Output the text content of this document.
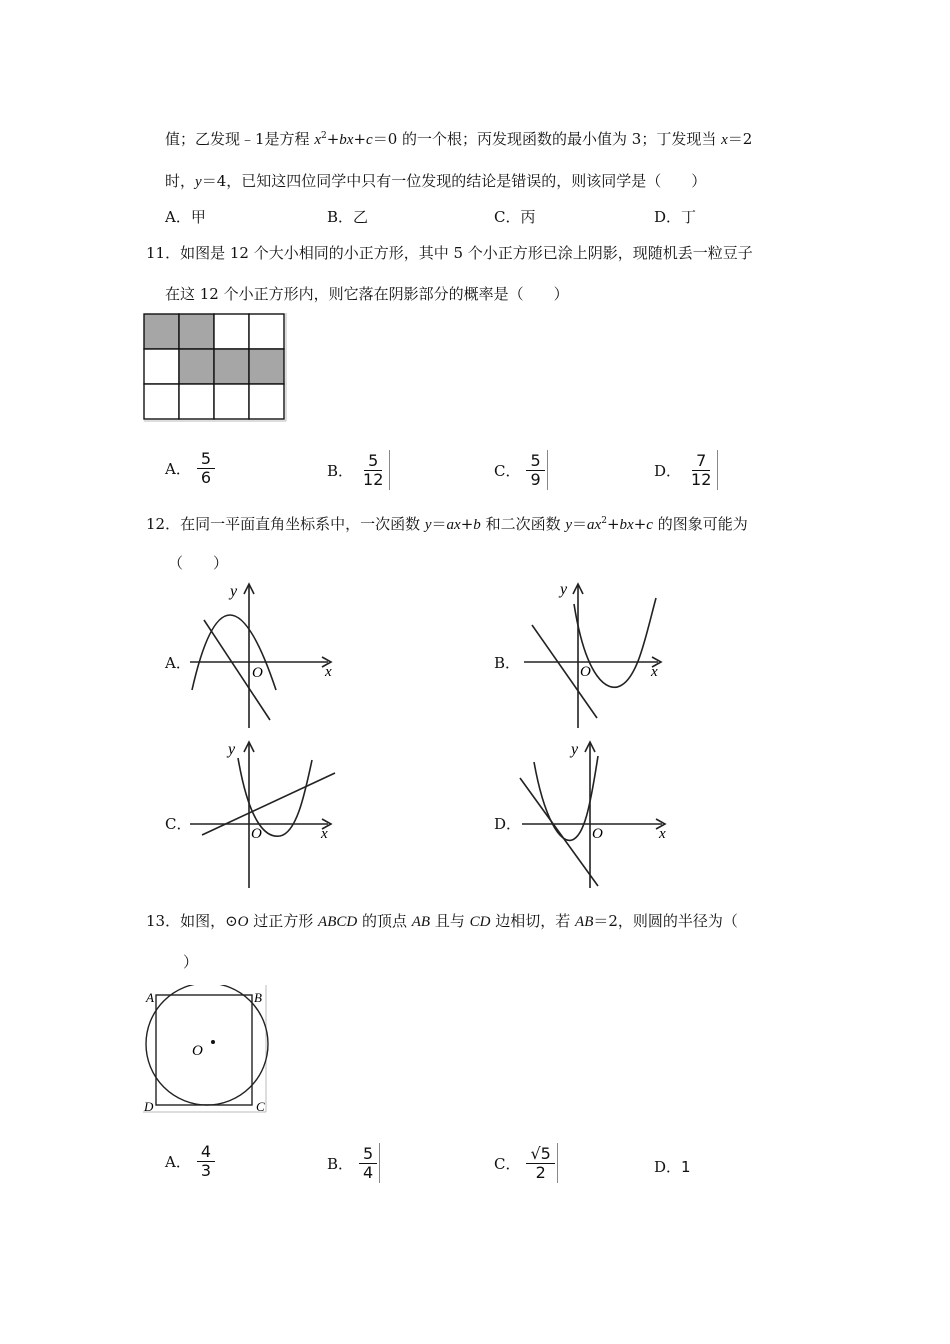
值；乙发现﹣1是方程 $x^2+bx+c=0$ 的一个根；丙发现函数的最小值为 3；丁发现当 x＝2
时，y＝4，已知这四位同学中只有一位发现的结论是错误的，则该同学是（　　）
A．甲	B．乙	C．丙	D．丁
11．如图是 12 个大小相同的小正方形，其中 5 个小正方形已涂上阴影，现随机丢一粒豆子
在这 12 个小正方形内，则它落在阴影部分的概率是（　　）
A． $\frac{5}{6}$	B． $\frac{5}{12}$	C． $\frac{5}{9}$	D． $\frac{7}{12}$
12．在同一平面直角坐标系中，一次函数 y＝ax+b 和二次函数 $y=ax^2+bx+c$ 的图象可能为
（　　）
A．
y
x
O
B．
y
x
O
C．
y
x
O
D．
y
x
O
13．如图，⊙O 过正方形 ABCD 的顶点 AB 且与 CD 边相切，若 AB＝2，则圆的半径为（
　）
A	B
C
D
O
A． $\frac{4}{3}$	B． $\frac{5}{4}$	C． $\frac{√5}{2}$	D． 1
